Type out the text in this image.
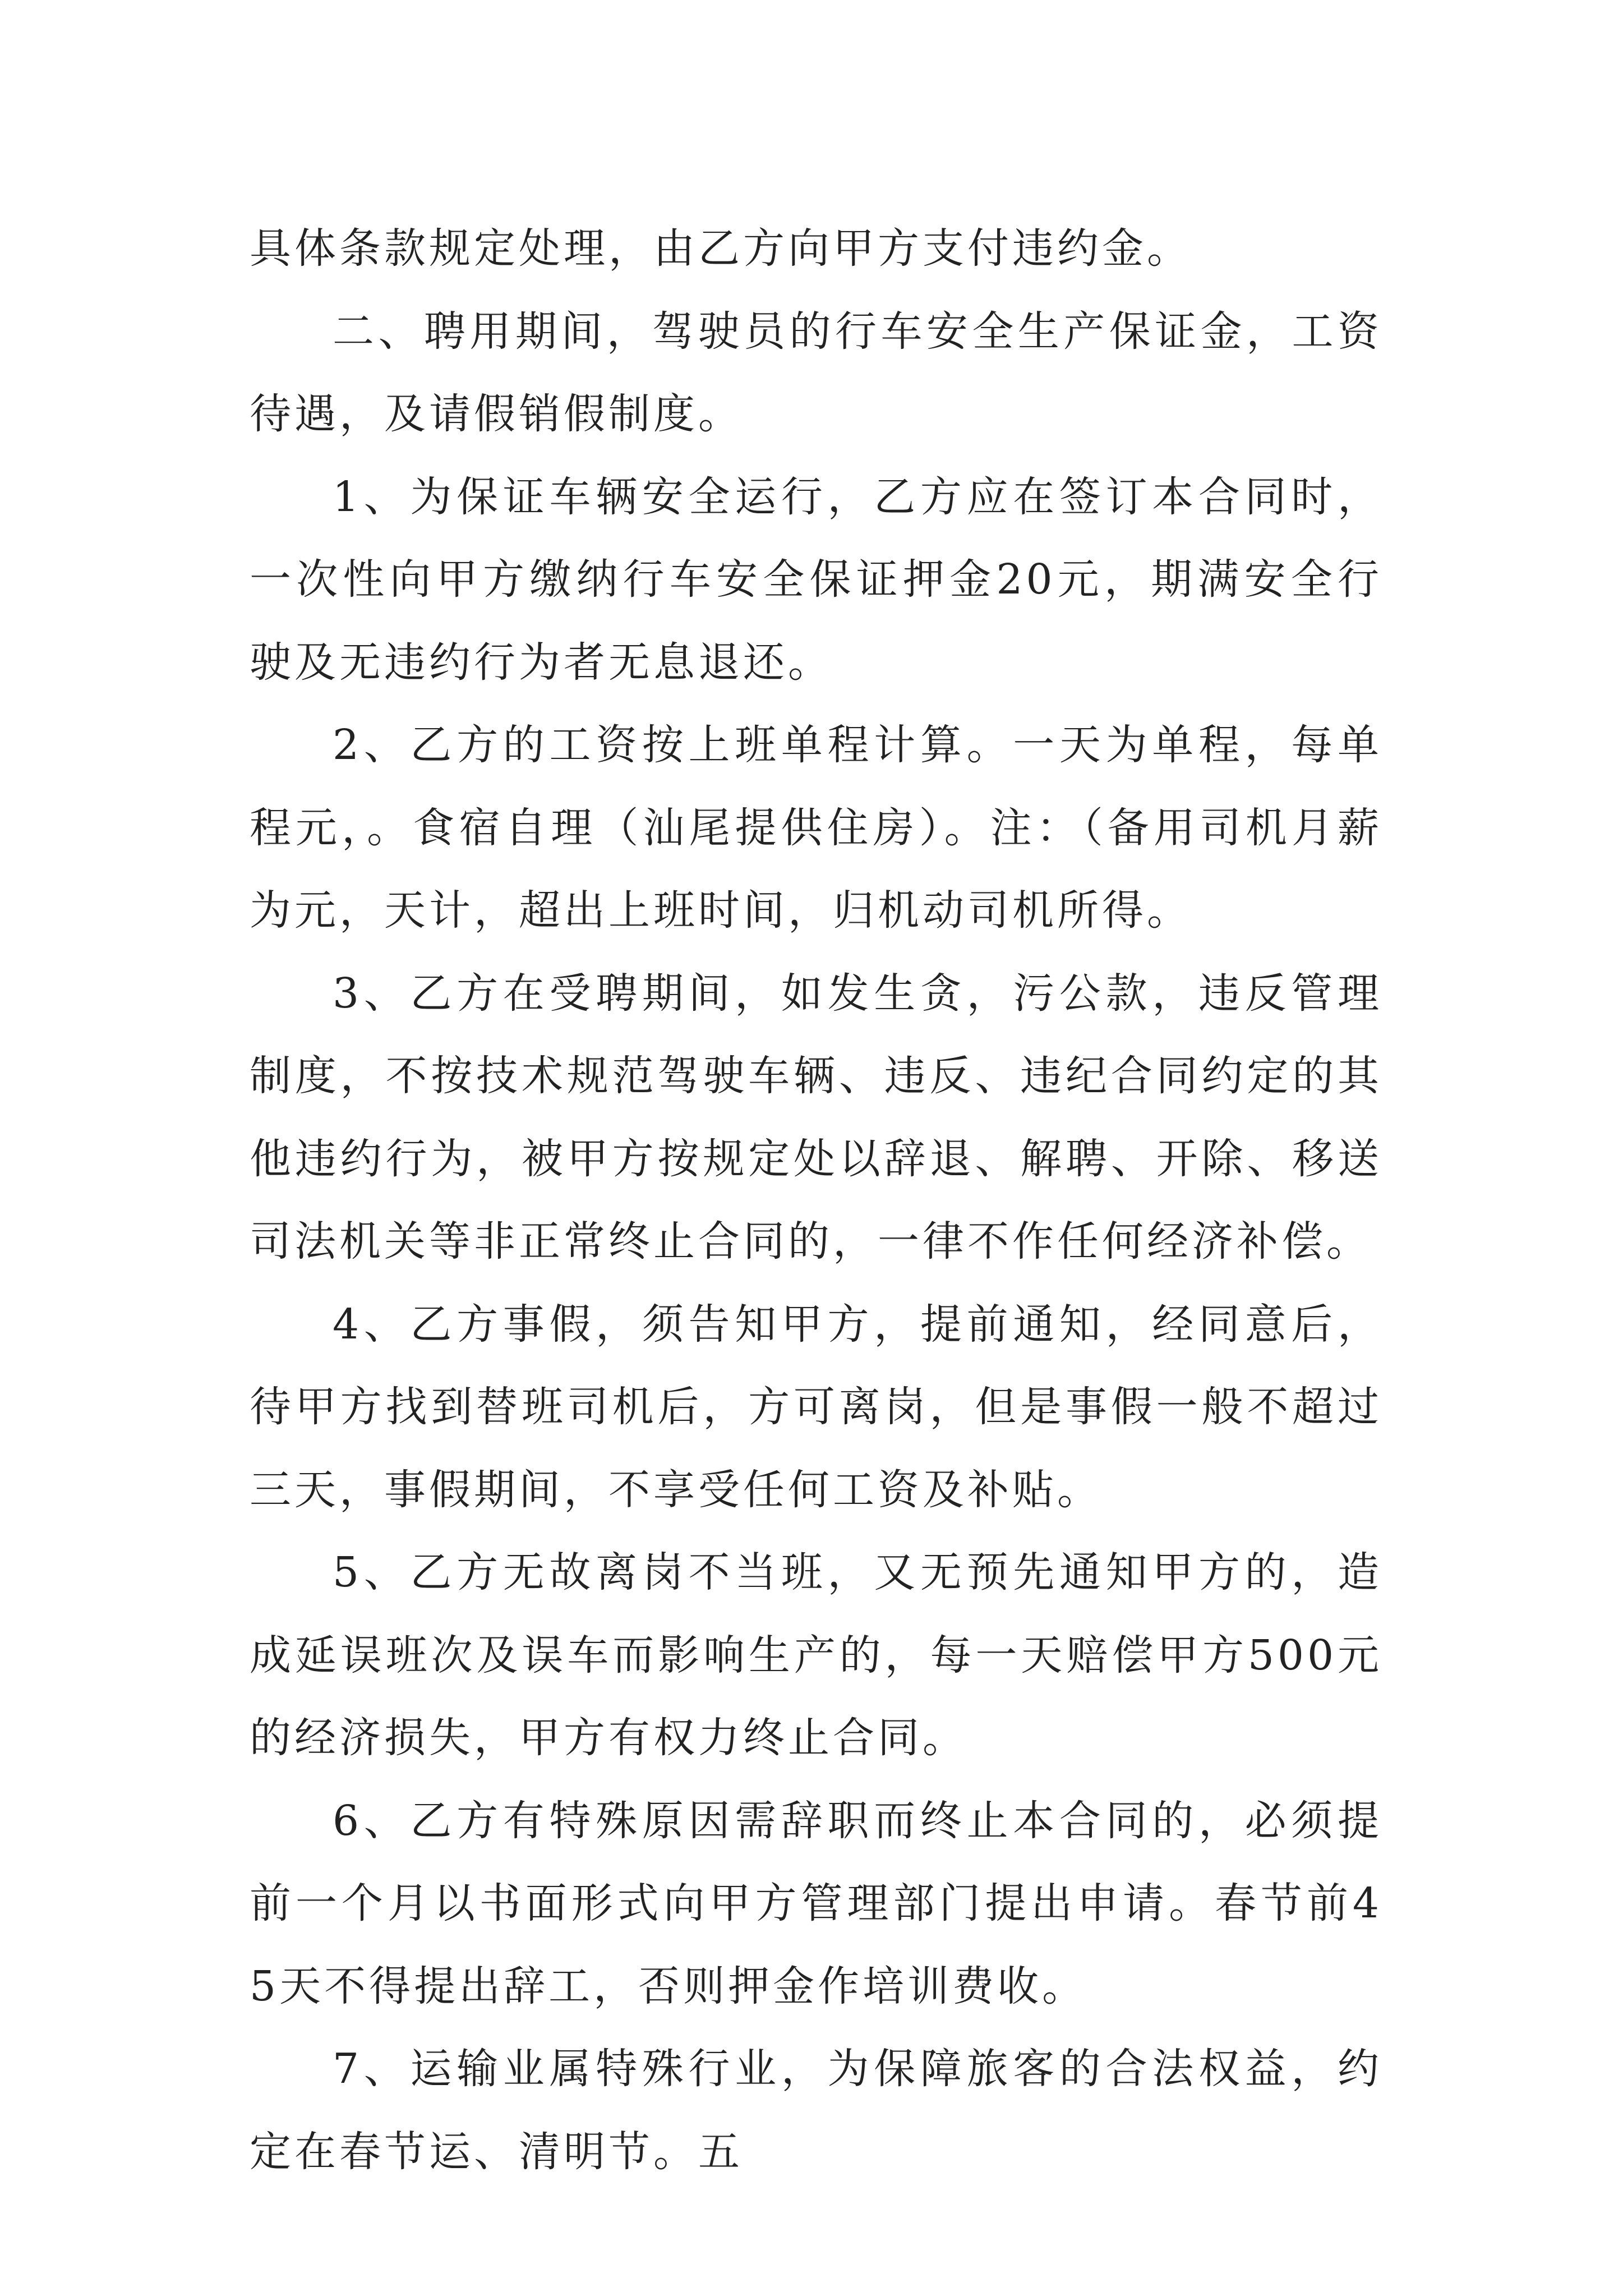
具体条款规定处理，由乙方向甲方支付违约金。

二、聘用期间，驾驶员的行车安全生产保证金，工资待遇，及请假销假制度。

1、为保证车辆安全运行，乙方应在签订本合同时，一次性向甲方缴纳行车安全保证押金20元，期满安全行驶及无违约行为者无息退还。

2、乙方的工资按上班单程计算。一天为单程，每单程元，。食宿自理（汕尾提供住房）。注：（备用司机月薪为元，天计，超出上班时间，归机动司机所得。

3、乙方在受聘期间，如发生贪，污公款，违反管理制度，不按技术规范驾驶车辆、违反、违纪合同约定的其他违约行为，被甲方按规定处以辞退、解聘、开除、移送司法机关等非正常终止合同的，一律不作任何经济补偿。

4、乙方事假，须告知甲方，提前通知，经同意后，待甲方找到替班司机后，方可离岗，但是事假一般不超过三天，事假期间，不享受任何工资及补贴。

5、乙方无故离岗不当班，又无预先通知甲方的，造成延误班次及误车而影响生产的，每一天赔偿甲方500元的经济损失，甲方有权力终止合同。

6、乙方有特殊原因需辞职而终止本合同的，必须提前一个月以书面形式向甲方管理部门提出申请。春节前45天不得提出辞工，否则押金作培训费收。

7、运输业属特殊行业，为保障旅客的合法权益，约定在春节运、清明节。五
